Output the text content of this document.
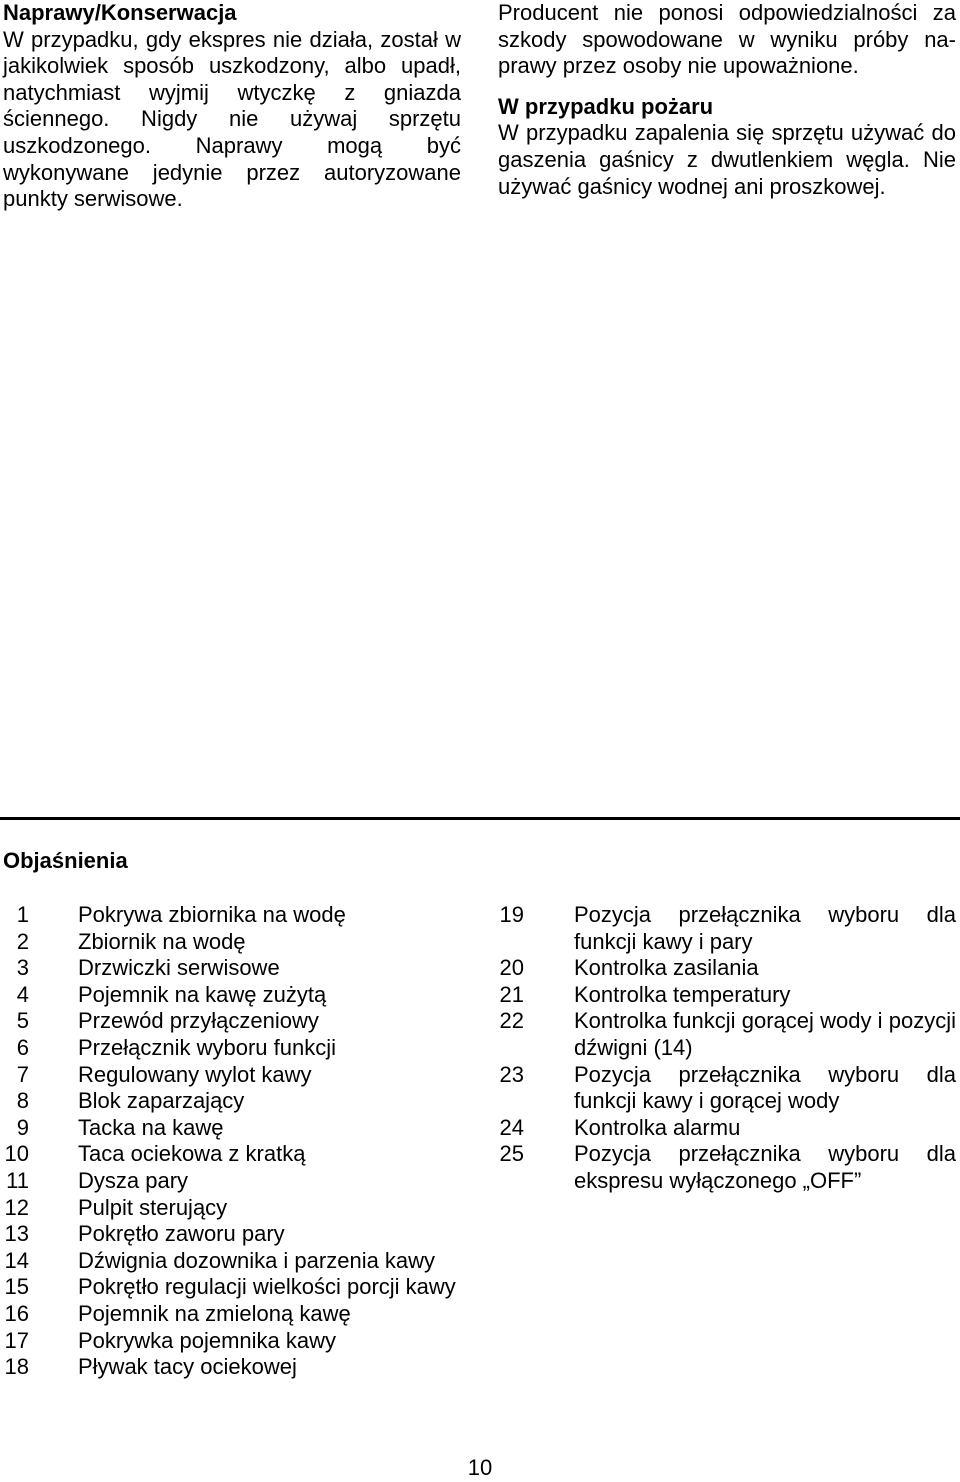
Naprawy/Konserwacja

W przypadku, gdy ekspres nie działa, został w jakikolwiek sposób uszkodzony, albo upadł, natychmiast wyjmij wtyczkę z gniazda ściennego. Nigdy nie używaj sprzętu uszkodzonego. Naprawy mogą być wykonywane jedynie przez autoryzowane punkty serwisowe.

Producent nie ponosi odpowiedzialności za szkody spowodowane w wyniku próby naprawy przez osoby nie upoważnione.

W przypadku pożaru

W przypadku zapalenia się sprzętu używać do gaszenia gaśnicy z dwutlenkiem węgla. Nie używać gaśnicy wodnej ani proszkowej.

Objaśnienia

1 Pokrywa zbiornika na wodę
2 Zbiornik na wodę
3 Drzwiczki serwisowe
4 Pojemnik na kawę zużytą
5 Przewód przyłączeniowy
6 Przełącznik wyboru funkcji
7 Regulowany wylot kawy
8 Blok zaparzający
9 Tacka na kawę
10 Taca ociekowa z kratką
11 Dysza pary
12 Pulpit sterujący
13 Pokrętło zaworu pary
14 Dźwignia dozownika i parzenia kawy
15 Pokrętło regulacji wielkości porcji kawy
16 Pojemnik na zmieloną kawę
17 Pokrywka pojemnika kawy
18 Pływak tacy ociekowej
19 Pozycja przełącznika wyboru dla funkcji kawy i pary
20 Kontrolka zasilania
21 Kontrolka temperatury
22 Kontrolka funkcji gorącej wody i pozycji dźwigni (14)
23 Pozycja przełącznika wyboru dla funkcji kawy i gorącej wody
24 Kontrolka alarmu
25 Pozycja przełącznika wyboru dla ekspresu wyłączonego „OFF”

10
